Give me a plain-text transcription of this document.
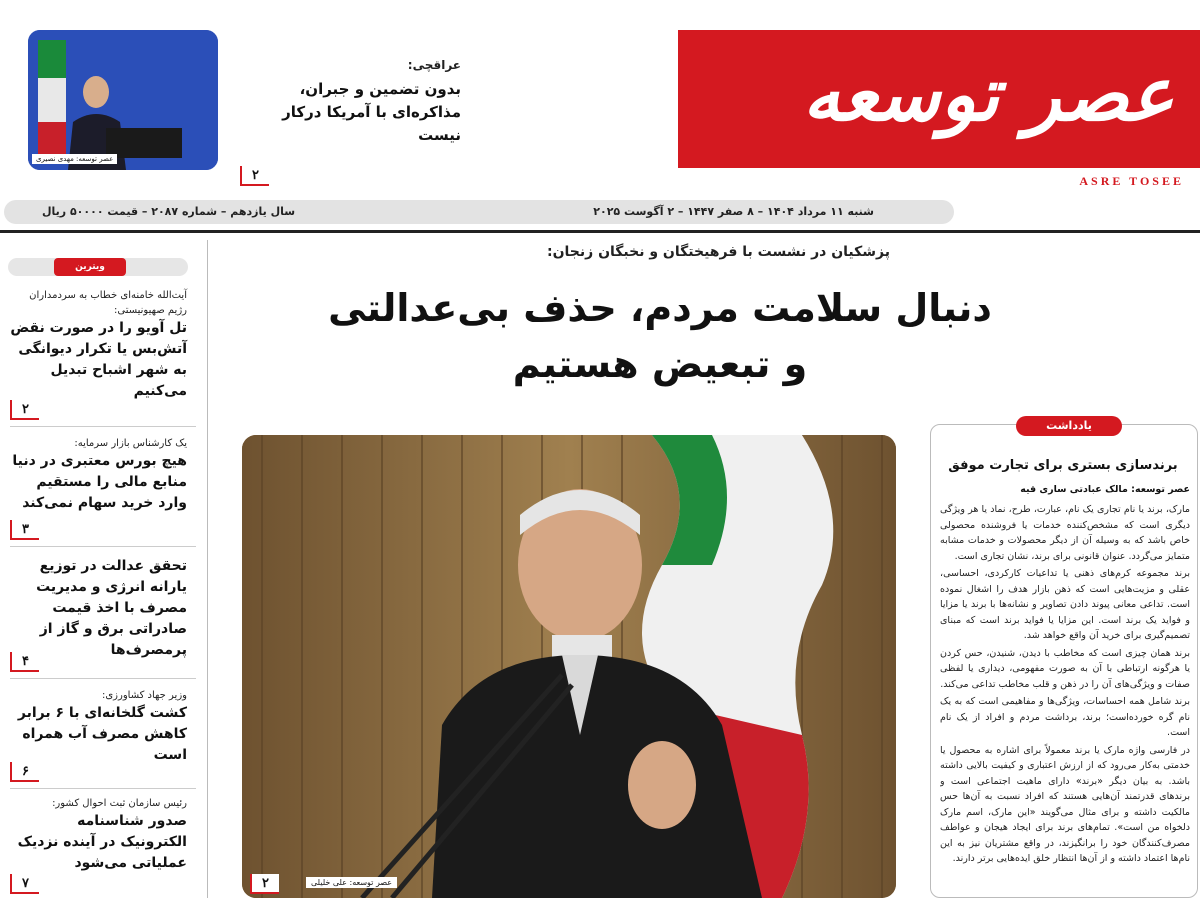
عصر توسعه: مهدی نصیری
عراقچی:
بدون تضمین و جبران، مذاکره‌ای با آمریکا درکار نیست
۲
عصر توسعه
ASRE TOSEE
شنبه ۱۱ مرداد ۱۴۰۴ – ۸ صفر ۱۴۴۷ – ۲ آگوست ۲۰۲۵
سال یازدهم – شماره ۲۰۸۷ – قیمت ۵۰۰۰۰ ریال
ویترین
آیت‌الله خامنه‌ای خطاب به سردمداران رژیم صهیونیستی:
تل آویو را در صورت نقض آتش‌بس یا تکرار دیوانگی به شهر اشباح تبدیل می‌کنیم
۲
یک کارشناس بازار سرمایه:
هیچ بورس معتبری در دنیا منابع مالی را مستقیم وارد خرید سهام نمی‌کند
۳
تحقق عدالت در توزیع یارانه انرژی و مدیریت مصرف با اخذ قیمت صادراتی برق و گاز از پرمصرف‌ها
۴
وزیر جهاد کشاورزی:
کشت گلخانه‌ای با ۶ برابر کاهش مصرف آب همراه است
۶
رئیس سازمان ثبت احوال کشور:
صدور شناسنامه الکترونیک در آینده نزدیک عملیاتی می‌شود
۷
پزشکیان در نشست با فرهیختگان و نخبگان زنجان:
دنبال سلامت مردم، حذف بی‌عدالتی
و تبعیض هستیم
عصر توسعه: علی خلیلی
۲
یادداشت
برندسازی بستری برای تجارت موفق
عصر توسعه: مالک عبادتی ساری قیه

مارک، برند یا نام‌ تجاری یک نام، عبارت، طرح، نماد یا هر ویژگی دیگری است که مشخص‌کننده خدمات یا فروشنده محصولی خاص باشد که به وسیله آن از دیگر محصولات و خدمات مشابه متمایز می‌گردد. عنوان قانونی برای برند، نشان تجاری است.

برند مجموعه کرم‌های ذهنی یا تداعیات کارکردی، احساسی، عقلی و مزیت‌هایی است که ذهن بازار هدف را اشغال نموده است. تداعی معانی پیوند دادن تصاویر و نشانه‌ها با برند یا مزایا و فواید یک برند است. این مزایا یا فواید برند است که مبنای تصمیم‌گیری برای خرید آن واقع خواهد شد.

برند همان چیزی است که مخاطب با دیدن، شنیدن، حس کردن یا هرگونه ارتباطی با آن به صورت مفهومی، دیداری یا لفظی صفات و ویژگی‌های آن را در ذهن و قلب مخاطب تداعی می‌کند.

برند شامل همه احساسات، ویژگی‌ها و مفاهیمی است که به یک نام گره خورده‌است؛ برند، برداشت مردم و افراد از یک نام است.

در فارسی واژه مارک یا برند معمولاً برای اشاره به محصول یا خدمتی به‌کار می‌رود که از ارزش اعتباری و کیفیت بالایی داشته باشد. به بیان دیگر «برند» دارای ماهیت اجتماعی است و برندهای قدرتمند آن‌هایی هستند که افراد نسبت به آن‌ها حس مالکیت داشته و برای مثال می‌گویند «این مارک، اسم مارک دلخواه من است». تمام‌های برند برای ایجاد هیجان و عواطف مصرف‌کنندگان خود را برانگیزند، در واقع مشتریان نیز به این نام‌ها اعتماد داشته و از آن‌ها انتظار خلق ایده‌هایی برتر دارند.
